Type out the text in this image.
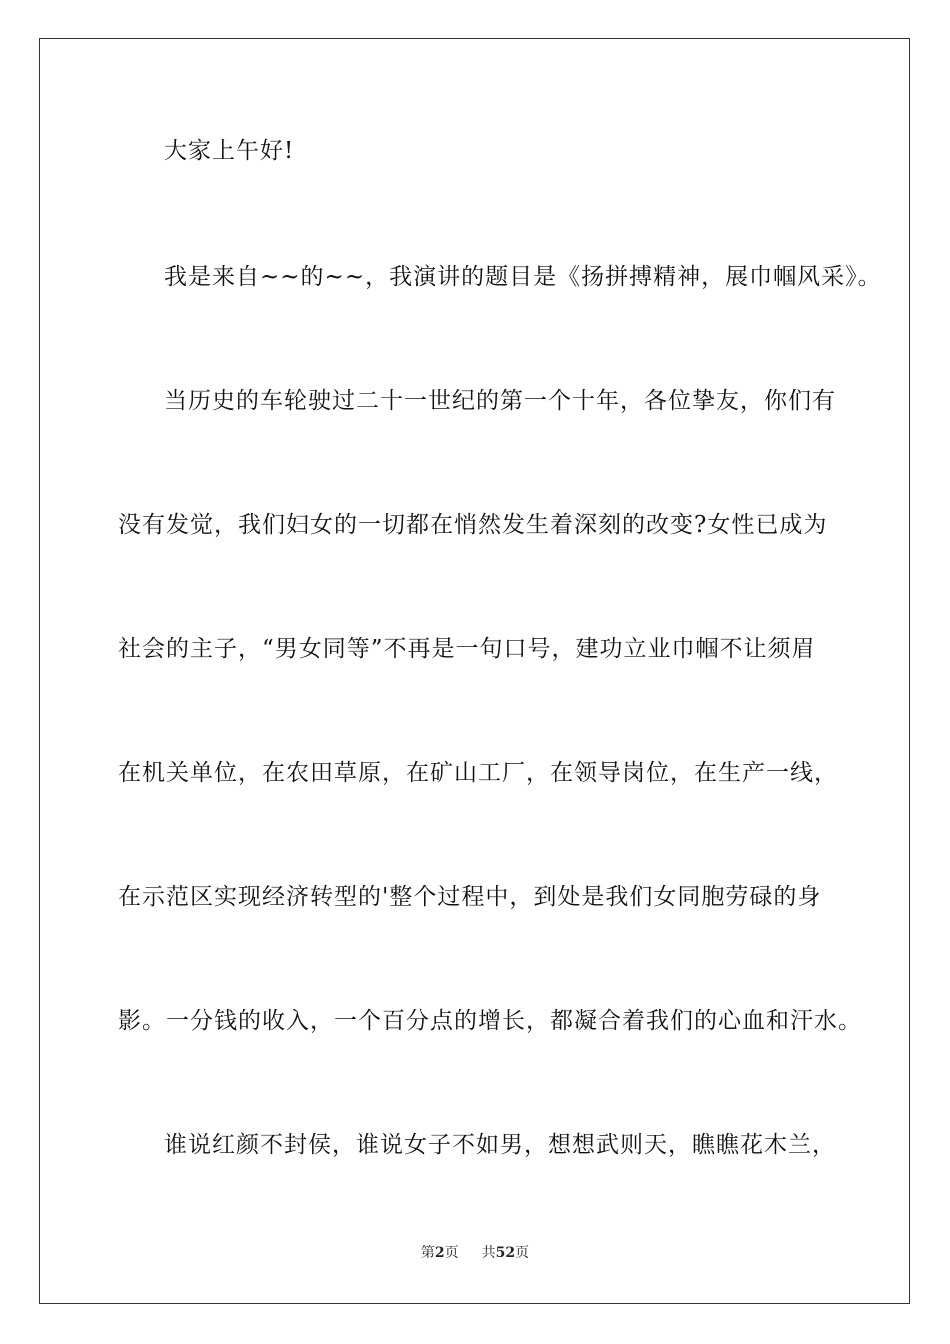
大家上午好!
我是来自~~的~~，我演讲的题目是《扬拼搏精神，展巾帼风采》。
当历史的车轮驶过二十一世纪的第一个十年，各位挚友，你们有
没有发觉，我们妇女的一切都在悄然发生着深刻的改变?女性已成为
社会的主子，“男女同等”不再是一句口号，建功立业巾帼不让须眉
在机关单位，在农田草原，在矿山工厂，在领导岗位，在生产一线，
在示范区实现经济转型的'整个过程中，到处是我们女同胞劳碌的身
影。一分钱的收入，一个百分点的增长，都凝合着我们的心血和汗水。
谁说红颜不封侯，谁说女子不如男，想想武则天，瞧瞧花木兰，
第2页 共52页
